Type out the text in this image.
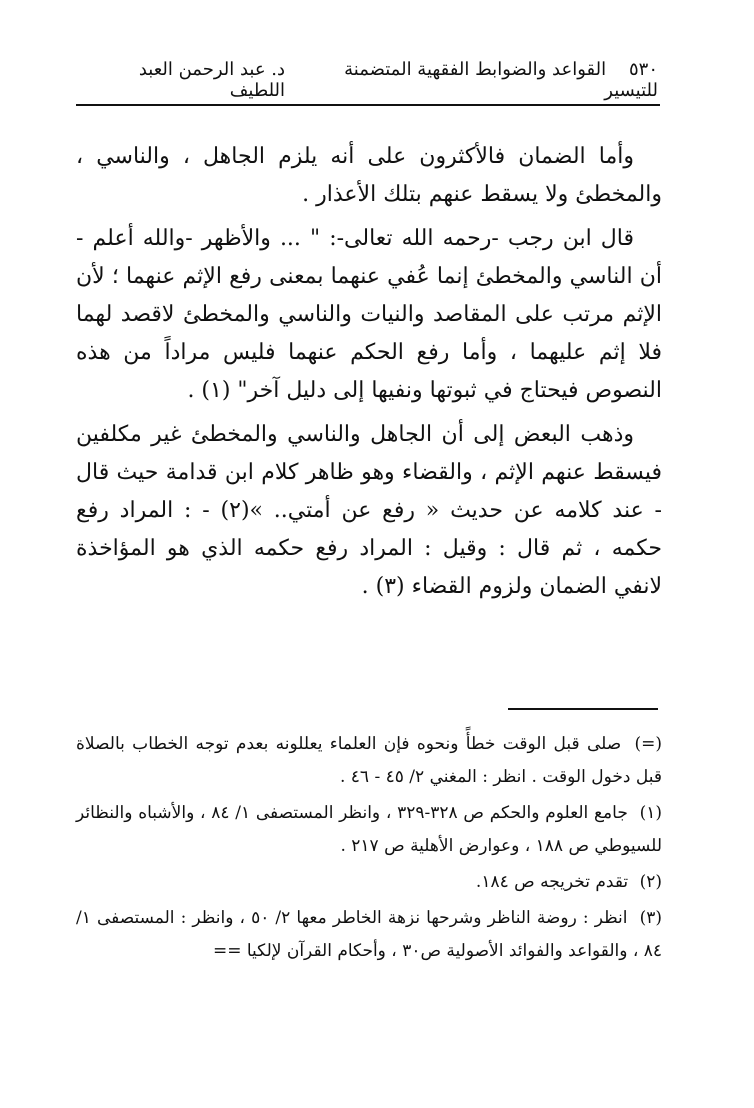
٥٣٠    القواعد والضوابط الفقهية المتضمنة للتيسير
د. عبد الرحمن العبد اللطيف

وأما الضمان فالأكثرون على أنه يلزم الجاهل ، والناسي ، والمخطئ ولا يسقط عنهم بتلك الأعذار .

قال ابن رجب -رحمه الله تعالى-: " ... والأظهر -والله أعلم - أن الناسي والمخطئ إنما عُفي عنهما بمعنى رفع الإثم عنهما ؛ لأن الإثم مرتب على المقاصد والنيات والناسي والمخطئ لاقصد لهما فلا إثم عليهما ، وأما رفع الحكم عنهما فليس مراداً من هذه النصوص فيحتاج في ثبوتها ونفيها إلى دليل آخر" (١) .

وذهب البعض إلى أن الجاهل والناسي والمخطئ غير مكلفين فيسقط عنهم الإثم ، والقضاء وهو ظاهر كلام ابن قدامة حيث قال - عند كلامه عن حديث « رفع عن أمتي.. »(٢) - : المراد رفع حكمه ، ثم قال : وقيل : المراد رفع حكمه الذي هو المؤاخذة لانفي الضمان ولزوم القضاء (٣) .

(=) صلى قبل الوقت خطأً ونحوه فإن العلماء يعللونه بعدم توجه الخطاب بالصلاة قبل دخول الوقت . انظر : المغني ٢/ ٤٥ - ٤٦ .
(١) جامع العلوم والحكم ص ٣٢٨-٣٢٩ ، وانظر المستصفى ١/ ٨٤ ، والأشباه والنظائر للسيوطي ص ١٨٨ ، وعوارض الأهلية ص ٢١٧ .
(٢) تقدم تخريجه ص ١٨٤.
(٣) انظر : روضة الناظر وشرحها نزهة الخاطر معها ٢/ ٥٠ ، وانظر : المستصفى ١/ ٨٤ ، والقواعد والفوائد الأصولية ص٣٠ ، وأحكام القرآن لإلكيا ==
